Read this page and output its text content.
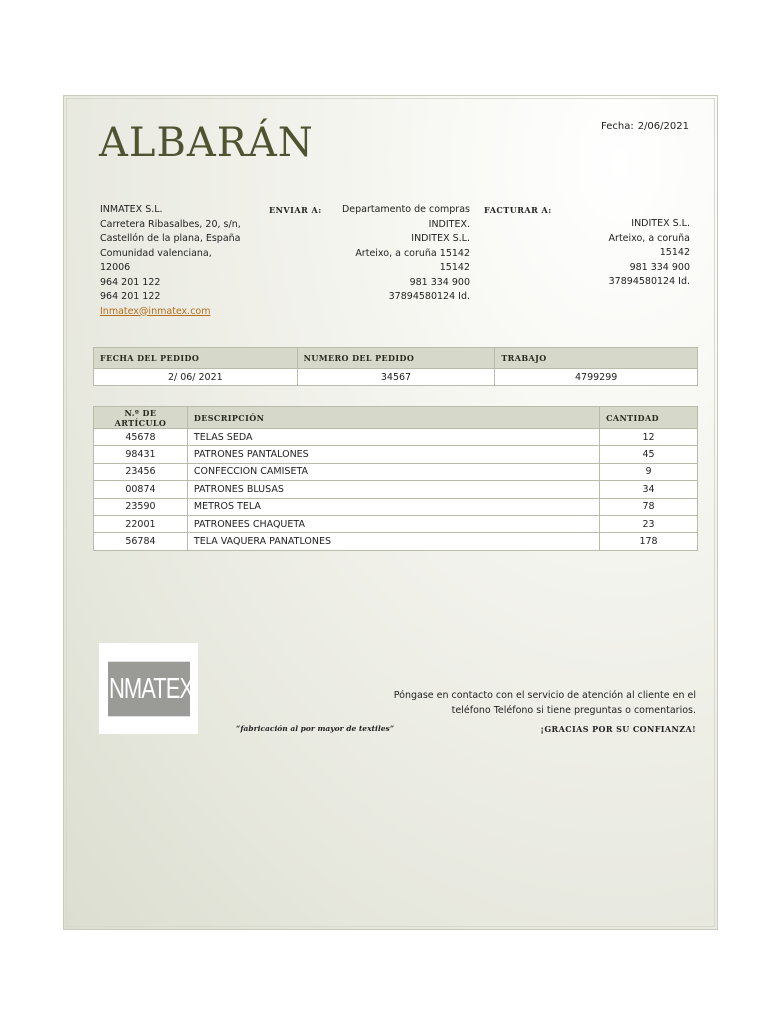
ALBARÁN	Fecha: 2/06/2021
INMATEX S.L.
Carretera Ribasalbes, 20, s/n,
Castellón de la plana, España
Comunidad valenciana,
12006
964 201 122
964 201 122
Inmatex@inmatex.com
ENVIAR A:	Departamento de compras
INDITEX.
INDITEX S.L.
Arteixo, a coruña 15142
15142
981 334 900
37894580124 Id.
FACTURAR A:
INDITEX S.L.
Arteixo, a coruña
15142
981 334 900
37894580124 Id.
FECHA DEL PEDIDO	NUMERO DEL PEDIDO	TRABAJO
2/ 06/ 2021	34567	4799299
N.º DE ARTÍCULO	DESCRIPCIÓN	CANTIDAD
45678	TELAS SEDA	12
98431	PATRONES PANTALONES	45
23456	CONFECCION CAMISETA	9
00874	PATRONES BLUSAS	34
23590	METROS TELA	78
22001	PATRONEES CHAQUETA	23
56784	TELA VAQUERA PANATLONES	178
INMATEX
“fabricación al por mayor de textiles”
Póngase en contacto con el servicio de atención al cliente en el
teléfono Teléfono si tiene preguntas o comentarios.
¡GRACIAS POR SU CONFIANZA!
